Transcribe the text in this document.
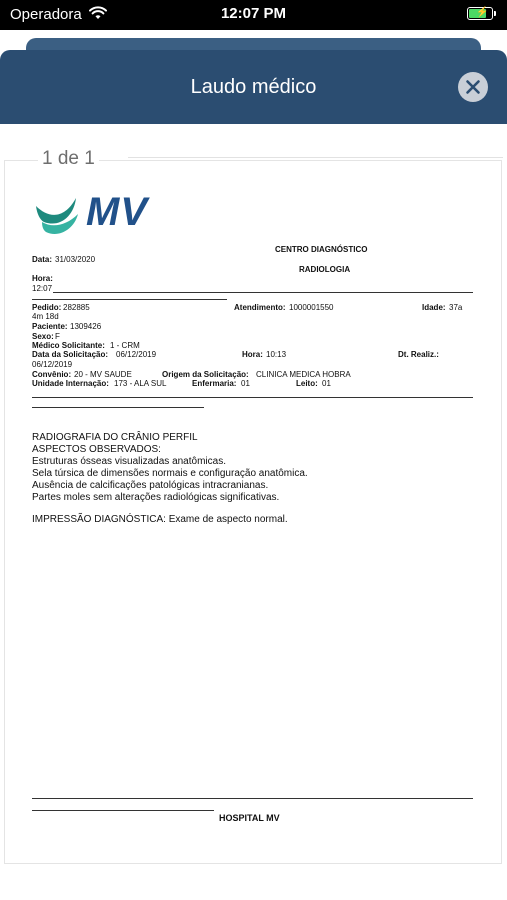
Operadora	12:07 PM	⚡
Laudo médico
1 de 1
MV
CENTRO DIAGNÓSTICO
RADIOLOGIA
Data: 31/03/2020
Hora:
12:07
Pedido: 282885	Atendimento: 1000001550	Idade: 37a
4m 18d
Paciente: 1309426
Sexo: F
Médico Solicitante: 1 - CRM
Data da Solicitação: 06/12/2019	Hora: 10:13	Dt. Realiz.:
06/12/2019
Convênio: 20 - MV SAUDE	Origem da Solicitação: CLINICA MEDICA HOBRA
Unidade Internação: 173 - ALA SUL	Enfermaria: 01	Leito: 01
RADIOGRAFIA DO CRÂNIO PERFIL
ASPECTOS OBSERVADOS:
Estruturas ósseas visualizadas anatômicas.
Sela túrsica de dimensões normais e configuração anatômica.
Ausência de calcificações patológicas intracranianas.
Partes moles sem alterações radiológicas significativas.
IMPRESSÃO DIAGNÓSTICA: Exame de aspecto normal.
HOSPITAL MV
